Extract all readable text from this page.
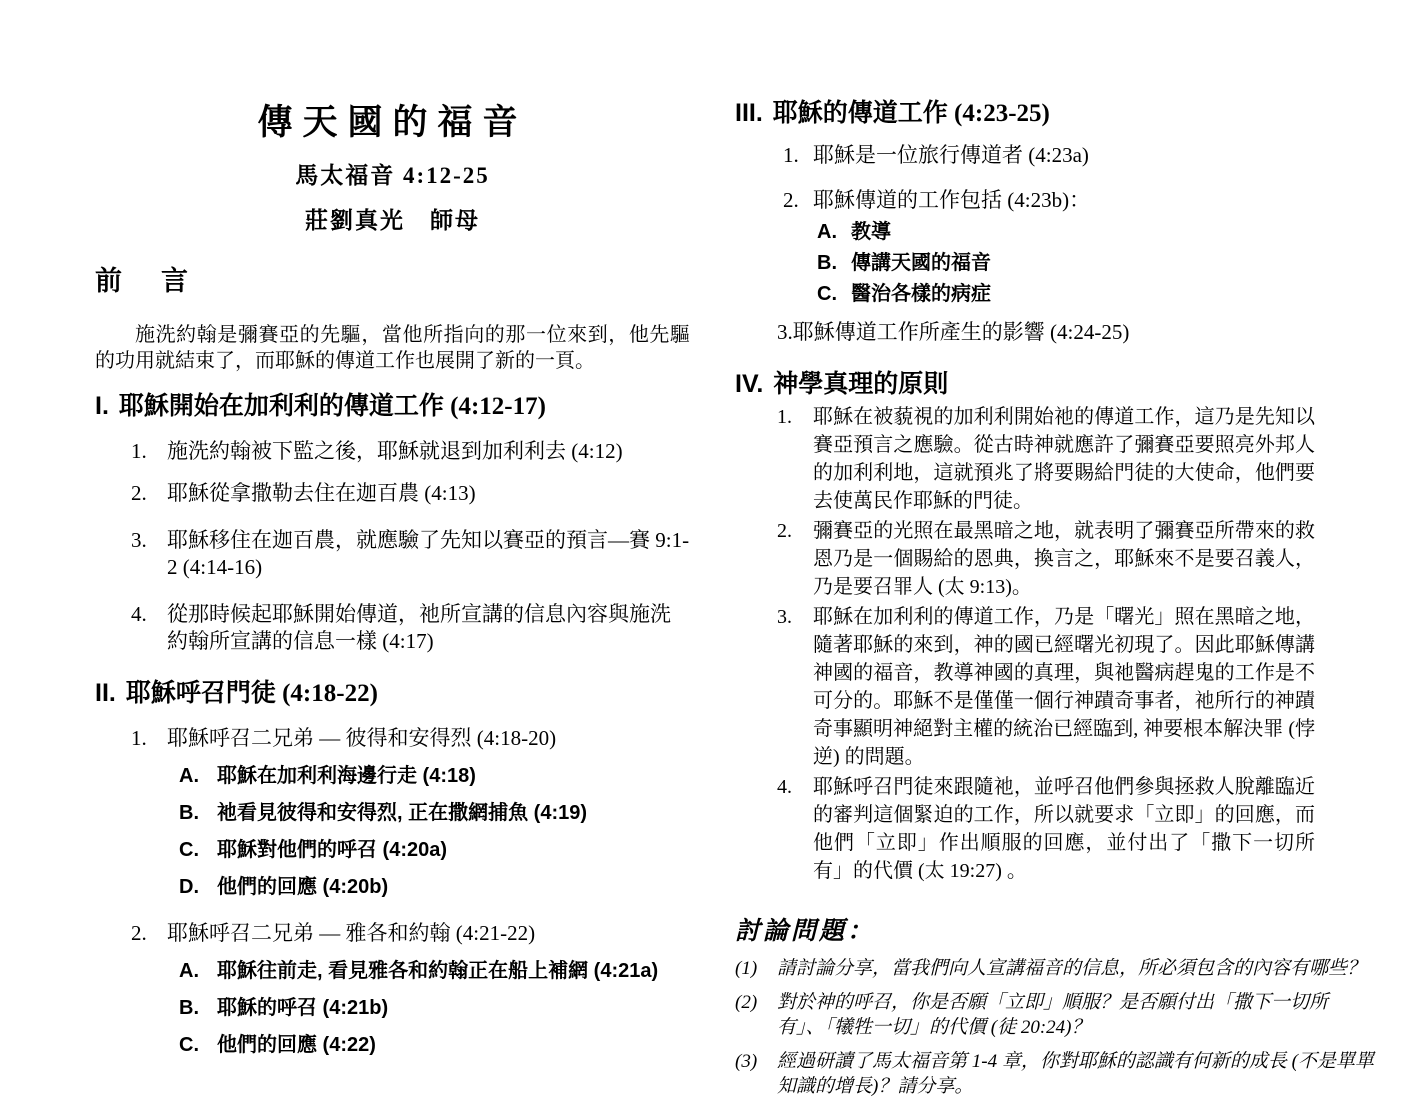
傳天國的福音
馬太福音 4:12-25
莊劉真光　師母
前　言

施洗約翰是彌賽亞的先驅，當他所指向的那一位來到，他先驅的功用就結束了，而耶穌的傳道工作也展開了新的一頁。

I. 耶穌開始在加利利的傳道工作 (4:12-17)
1. 施洗約翰被下監之後，耶穌就退到加利利去 (4:12)
2. 耶穌從拿撒勒去住在迦百農 (4:13)
3. 耶穌移住在迦百農，就應驗了先知以賽亞的預言—賽 9:1-2 (4:14-16)
4. 從那時候起耶穌開始傳道，祂所宣講的信息內容與施洗約翰所宣講的信息一樣 (4:17)
II. 耶穌呼召門徒 (4:18-22)
1. 耶穌呼召二兄弟 — 彼得和安得烈 (4:18-20)
A. 耶穌在加利利海邊行走 (4:18)
B. 祂看見彼得和安得烈, 正在撒網捕魚 (4:19)
C. 耶穌對他們的呼召 (4:20a)
D. 他們的回應 (4:20b)
2. 耶穌呼召二兄弟 — 雅各和約翰 (4:21-22)
A. 耶穌往前走, 看見雅各和約翰正在船上補網 (4:21a)
B. 耶穌的呼召 (4:21b)
C. 他們的回應 (4:22)
III. 耶穌的傳道工作 (4:23-25)
1. 耶穌是一位旅行傳道者 (4:23a)
2. 耶穌傳道的工作包括 (4:23b)：
A. 教導
B. 傳講天國的福音
C. 醫治各樣的病症
3. 耶穌傳道工作所產生的影響 (4:24-25)
IV. 神學真理的原則
1.	耶穌在被藐視的加利利開始祂的傳道工作，這乃是先知以賽亞預言之應驗。從古時神就應許了彌賽亞要照亮外邦人的加利利地，這就預兆了將要賜給門徒的大使命，他們要去使萬民作耶穌的門徒。
2.	彌賽亞的光照在最黑暗之地，就表明了彌賽亞所帶來的救恩乃是一個賜給的恩典，換言之，耶穌來不是要召義人，乃是要召罪人 (太 9:13)。
3.	耶穌在加利利的傳道工作，乃是「曙光」照在黑暗之地，隨著耶穌的來到，神的國已經曙光初現了。因此耶穌傳講神國的福音，教導神國的真理，與祂醫病趕鬼的工作是不可分的。耶穌不是僅僅一個行神蹟奇事者，祂所行的神蹟奇事顯明神絕對主權的統治已經臨到, 神要根本解決罪 (悖逆) 的問題。
4.	耶穌呼召門徒來跟隨祂，並呼召他們參與拯救人脫離臨近的審判這個緊迫的工作，所以就要求「立即」的回應，而他們「立即」作出順服的回應，並付出了「撒下一切所有」的代價 (太 19:27) 。
討論問題：
(1)	請討論分享，當我們向人宣講福音的信息，所必須包含的內容有哪些？
(2)	對於神的呼召，你是否願「立即」順服？是否願付出「撒下一切所有」、「犧牲一切」的代價 (徒 20:24)？
(3)	經過研讀了馬太福音第 1-4 章，你對耶穌的認識有何新的成長 (不是單單知識的增長)？請分享。
